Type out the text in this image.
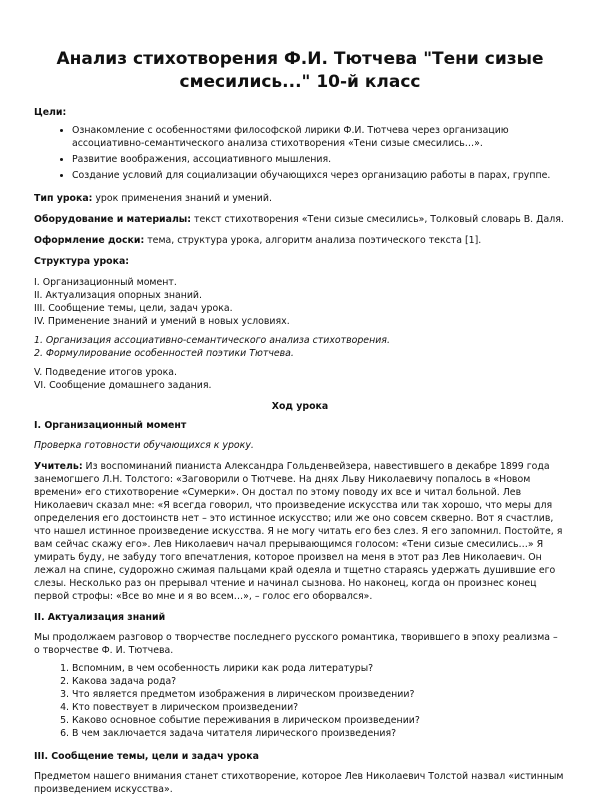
Анализ стихотворения Ф.И. Тютчева "Тени сизые смесились..." 10-й класс
Цели:
• Ознакомление с особенностями философской лирики Ф.И. Тютчева через организацию ассоциативно-семантического анализа стихотворения «Тени сизые смесились…».
• Развитие воображения, ассоциативного мышления.
• Создание условий для социализации обучающихся через организацию работы в парах, группе.

Тип урока: урок применения знаний и умений.

Оборудование и материалы: текст стихотворения «Тени сизые смесились», Толковый словарь В. Даля.

Оформление доски: тема, структура урока, алгоритм анализа поэтического текста [1].

Структура урока:

I. Организационный момент.

II. Актуализация опорных знаний.

III. Сообщение темы, цели, задач урока.

IV. Применение знаний и умений в новых условиях.

1. Организация ассоциативно-семантического анализа стихотворения.

2. Формулирование особенностей поэтики Тютчева.

V. Подведение итогов урока.

VI. Сообщение домашнего задания.

Ход урока
I. Организационный момент

Проверка готовности обучающихся к уроку.

Учитель: Из воспоминаний пианиста Александра Гольденвейзера, навестившего в декабре 1899 года занемогшего Л.Н. Толстого: «Заговорили о Тютчеве. На днях Льву Николаевичу попалось в «Новом времени» его стихотворение «Сумерки». Он достал по этому поводу их все и читал больной. Лев Николаевич сказал мне: «Я всегда говорил, что произведение искусства или так хорошо, что меры для определения его достоинств нет – это истинное искусство; или же оно совсем скверно. Вот я счастлив, что нашел истинное произведение искусства. Я не могу читать его без слез. Я его запомнил. Постойте, я вам сейчас скажу его». Лев Николаевич начал прерывающимся голосом: «Тени сизые смесились…» Я умирать буду, не забуду того впечатления, которое произвел на меня в этот раз Лев Николаевич. Он лежал на спине, судорожно сжимая пальцами край одеяла и тщетно стараясь удержать душившие его слезы. Несколько раз он прерывал чтение и начинал сызнова. Но наконец, когда он произнес конец первой строфы: «Все во мне и я во всем…», – голос его оборвался».

II. Актуализация знаний

Мы продолжаем разговор о творчестве последнего русского романтика, творившего в эпоху реализма – о творчестве Ф. И. Тютчева.

1. Вспомним, в чем особенность лирики как рода литературы?
2. Какова задача рода?
3. Что является предметом изображения в лирическом произведении?
4. Кто повествует в лирическом произведении?
5. Каково основное событие переживания в лирическом произведении?
6. В чем заключается задача читателя лирического произведения?
III. Сообщение темы, цели и задач урока

Предметом нашего внимания станет стихотворение, которое Лев Николаевич Толстой назвал «истинным произведением искусства».
